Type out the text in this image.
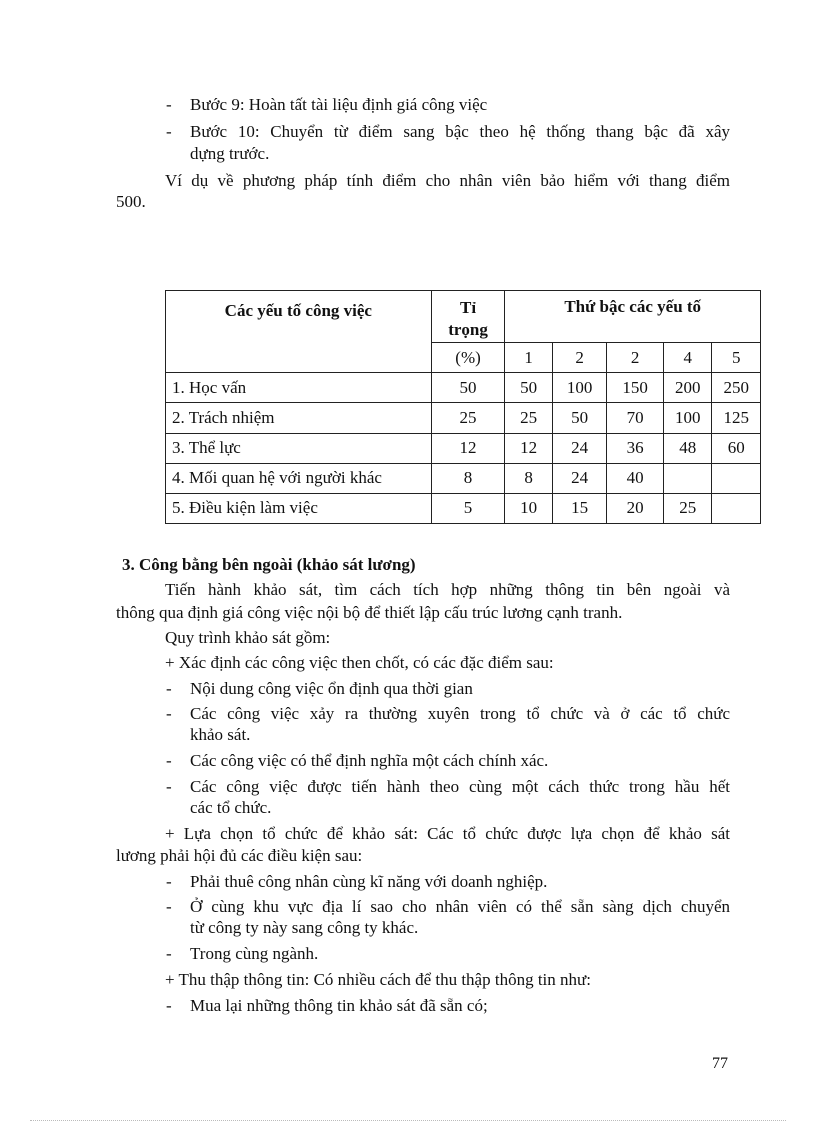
- Bước 9: Hoàn tất tài liệu định giá công việc
- Bước 10: Chuyển từ điểm sang bậc theo hệ thống thang bậc đã xây
dựng trước.
Ví dụ về phương pháp tính điểm cho nhân viên bảo hiểm với thang điểm
500.
Các yếu tố công việc	Tỉ trọng	Thứ bậc các yếu tố				
	(%)	1	2	2	4	5
1. Học vấn	50	50	100	150	200	250
2. Trách nhiệm	25	25	50	70	100	125
3. Thể lực	12	12	24	36	48	60
4. Mối quan hệ với người khác	8	8	24	40		
5. Điều kiện làm việc	5	10	15	20	25	
3. Công bằng bên ngoài (khảo sát lương)
Tiến hành khảo sát, tìm cách tích hợp những thông tin bên ngoài và
thông qua định giá công việc nội bộ để thiết lập cấu trúc lương cạnh tranh.
Quy trình khảo sát gồm:
+ Xác định các công việc then chốt, có các đặc điểm sau:
- Nội dung công việc ổn định qua thời gian
- Các công việc xảy ra thường xuyên trong tổ chức và ở các tổ chức
khảo sát.
- Các công việc có thể định nghĩa một cách chính xác.
- Các công việc được tiến hành theo cùng một cách thức trong hầu hết
các tổ chức.
+ Lựa chọn tổ chức để khảo sát: Các tổ chức được lựa chọn để khảo sát
lương phải hội đủ các điều kiện sau:
- Phải thuê công nhân cùng kĩ năng với doanh nghiệp.
- Ở cùng khu vực địa lí sao cho nhân viên có thể sẵn sàng dịch chuyển
từ công ty này sang công ty khác.
- Trong cùng ngành.
+ Thu thập thông tin: Có nhiều cách để thu thập thông tin như:
- Mua lại những thông tin khảo sát đã sẵn có;
77
